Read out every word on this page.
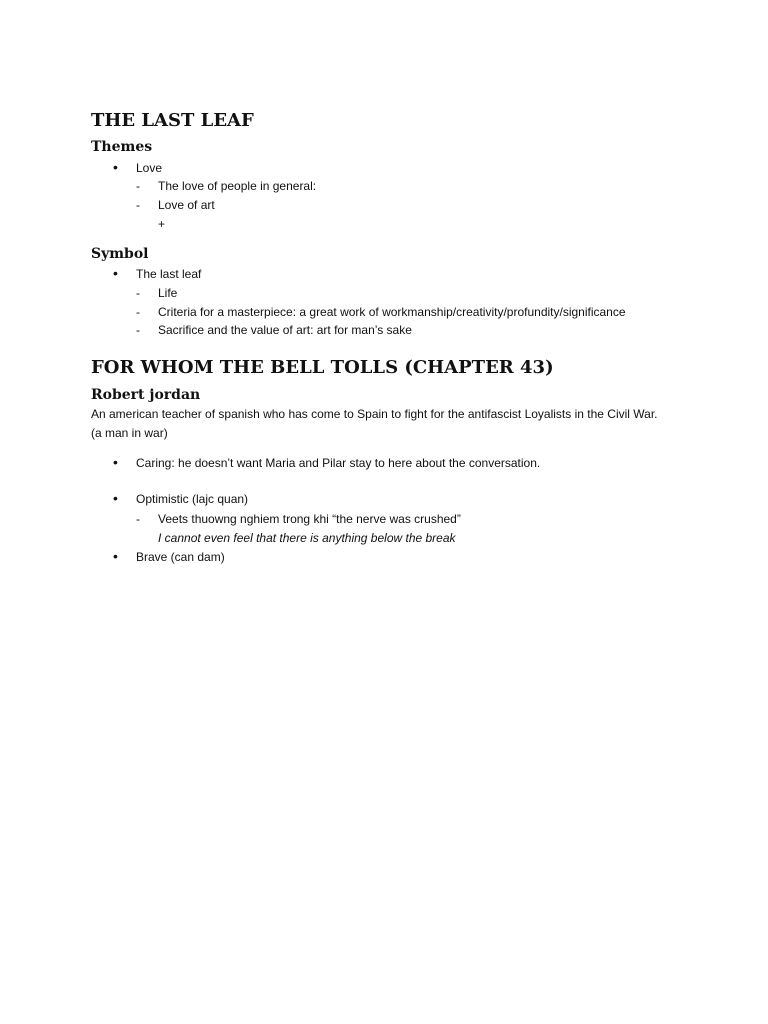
THE LAST LEAF
Themes
• Love
- The love of people in general:
- Love of art
+
Symbol
• The last leaf
- Life
- Criteria for a masterpiece: a great work of workmanship/creativity/profundity/significance
- Sacrifice and the value of art: art for man’s sake
FOR WHOM THE BELL TOLLS (CHAPTER 43)
Robert jordan
An american teacher of spanish who has come to Spain to fight for the antifascist Loyalists in the Civil War. (a man in war)
• Caring: he doesn’t want Maria and Pilar stay to here about the conversation.
• Optimistic (lajc quan)
- Veets thuowng nghiem trong khi “the nerve was crushed”
I cannot even feel that there is anything below the break
• Brave (can dam)
